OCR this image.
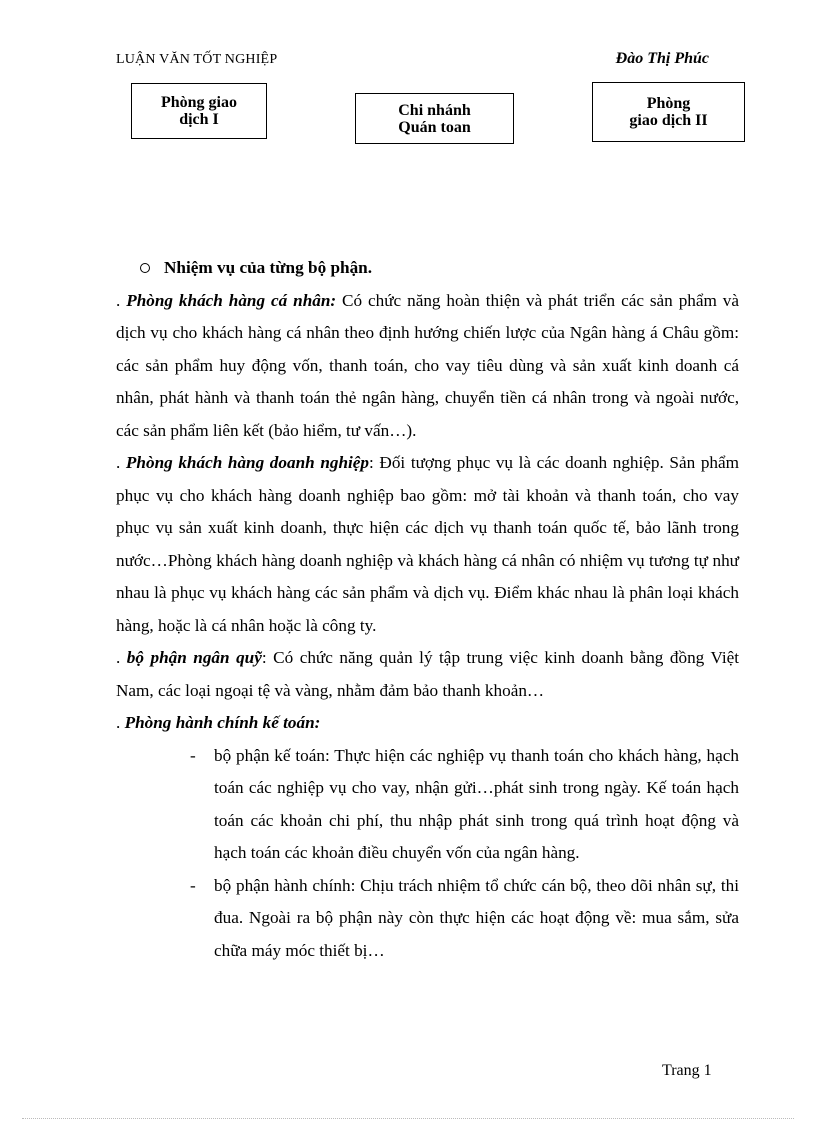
LUẬN VĂN TỐT NGHIỆP	Đào Thị Phúc
Phòng giao
dịch I
Chi nhánh
Quán toan
Phòng
giao dịch II
Nhiệm vụ của từng bộ phận.

. Phòng khách hàng cá nhân: Có chức năng hoàn thiện và phát triển các sản phẩm và dịch vụ cho khách hàng cá nhân theo định hướng chiến lược của Ngân hàng á Châu gồm: các sản phẩm huy động vốn, thanh toán, cho vay tiêu dùng và sản xuất kinh doanh cá nhân, phát hành và thanh toán thẻ ngân hàng, chuyển tiền cá nhân trong và ngoài nước, các sản phẩm liên kết (bảo hiểm, tư vấn…).

. Phòng khách hàng doanh nghiệp: Đối tượng phục vụ là các doanh nghiệp. Sản phẩm phục vụ cho khách hàng doanh nghiệp bao gồm: mở tài khoản và thanh toán, cho vay phục vụ sản xuất kinh doanh, thực hiện các dịch vụ thanh toán quốc tế, bảo lãnh trong nước…Phòng khách hàng doanh nghiệp và khách hàng cá nhân có nhiệm vụ tương tự như nhau là phục vụ khách hàng các sản phẩm và dịch vụ. Điểm khác nhau là phân loại khách hàng, hoặc là cá nhân hoặc là công ty.

. bộ phận ngân quỹ: Có chức năng quản lý tập trung việc kinh doanh bằng đồng Việt Nam, các loại ngoại tệ và vàng, nhằm đảm bảo thanh khoản…

. Phòng hành chính kế toán:

-	bộ phận kế toán: Thực hiện các nghiệp vụ thanh toán cho khách hàng, hạch toán các nghiệp vụ cho vay, nhận gửi…phát sinh trong ngày. Kế toán hạch toán các khoản chi phí, thu nhập phát sinh trong quá trình hoạt động và hạch toán các khoản điều chuyển vốn của ngân hàng.
-	bộ phận hành chính: Chịu trách nhiệm tổ chức cán bộ, theo dõi nhân sự, thi đua. Ngoài ra bộ phận này còn thực hiện các hoạt động về: mua sắm, sửa chữa máy móc thiết bị…
Trang 1
